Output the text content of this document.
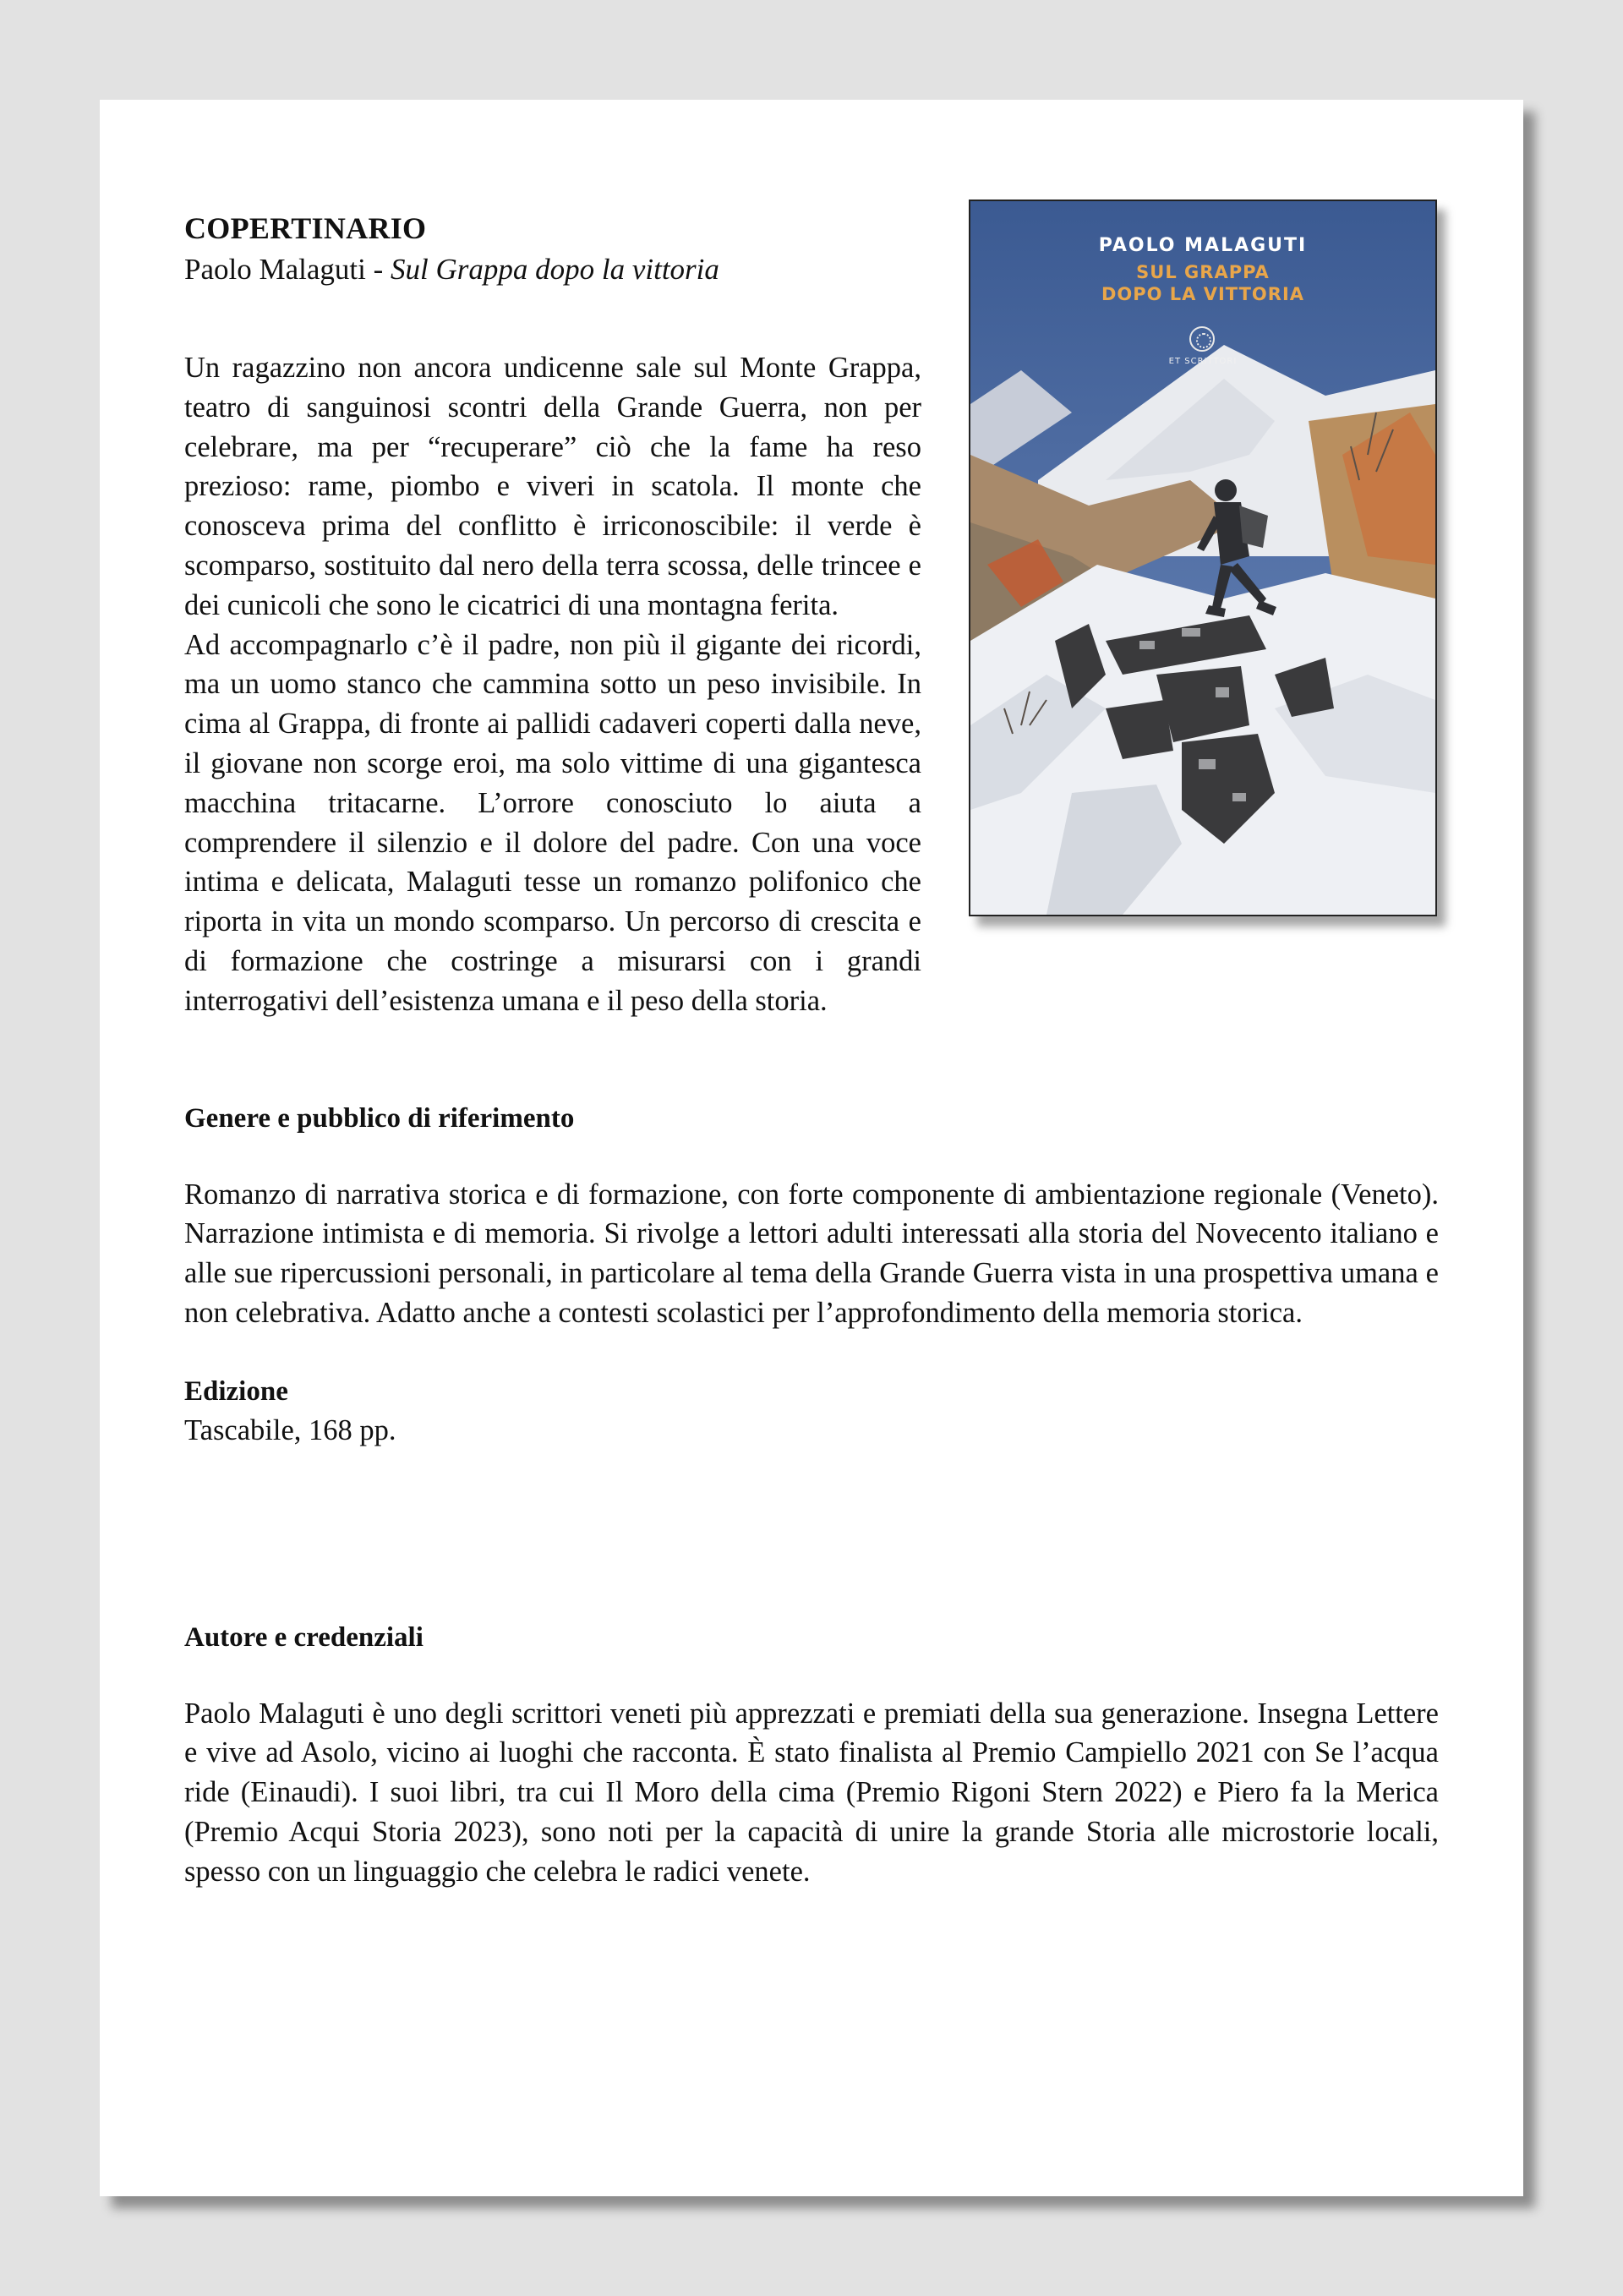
PAOLO MALAGUTI
SUL GRAPPA
DOPO LA VITTORIA
ET SCRITTORI
COPERTINARIO
Paolo Malaguti - Sul Grappa dopo la vittoria

Un ragazzino non ancora undicenne sale sul Monte Grappa, teatro di sanguinosi scontri della Grande Guerra, non per celebrare, ma per “recuperare” ciò che la fame ha reso prezioso: rame, piombo e viveri in scatola. Il monte che conosceva prima del conflitto è irriconoscibile: il verde è scomparso, sostituito dal nero della terra scossa, delle trincee e dei cunicoli che sono le cicatrici di una montagna ferita.

Ad accompagnarlo c’è il padre, non più il gigante dei ricordi, ma un uomo stanco che cammina sotto un peso invisibile. In cima al Grappa, di fronte ai pallidi cadaveri coperti dalla neve, il giovane non scorge eroi, ma solo vittime di una gigantesca macchina tritacarne. L’orrore conosciuto lo aiuta a comprendere il silenzio e il dolore del padre. Con una voce intima e delicata, Malaguti tesse un romanzo polifonico che riporta in vita un mondo scomparso. Un percorso di crescita e di formazione che costringe a misurarsi con i grandi interrogativi dell’esistenza umana e il peso della storia.

Genere e pubblico di riferimento

Romanzo di narrativa storica e di formazione, con forte componente di ambientazione regionale (Veneto). Narrazione intimista e di memoria. Si rivolge a lettori adulti interessati alla storia del Novecento italiano e alle sue ripercussioni personali, in particolare al tema della Grande Guerra vista in una prospettiva umana e non celebrativa. Adatto anche a contesti scolastici per l’approfondimento della memoria storica.

Edizione

Tascabile, 168 pp.

Autore e credenziali

Paolo Malaguti è uno degli scrittori veneti più apprezzati e premiati della sua generazione. Insegna Lettere e vive ad Asolo, vicino ai luoghi che racconta. È stato finalista al Premio Campiello 2021 con Se l’acqua ride (Einaudi). I suoi libri, tra cui Il Moro della cima (Premio Rigoni Stern 2022) e Piero fa la Merica (Premio Acqui Storia 2023), sono noti per la capacità di unire la grande Storia alle microstorie locali, spesso con un linguaggio che celebra le radici venete.
